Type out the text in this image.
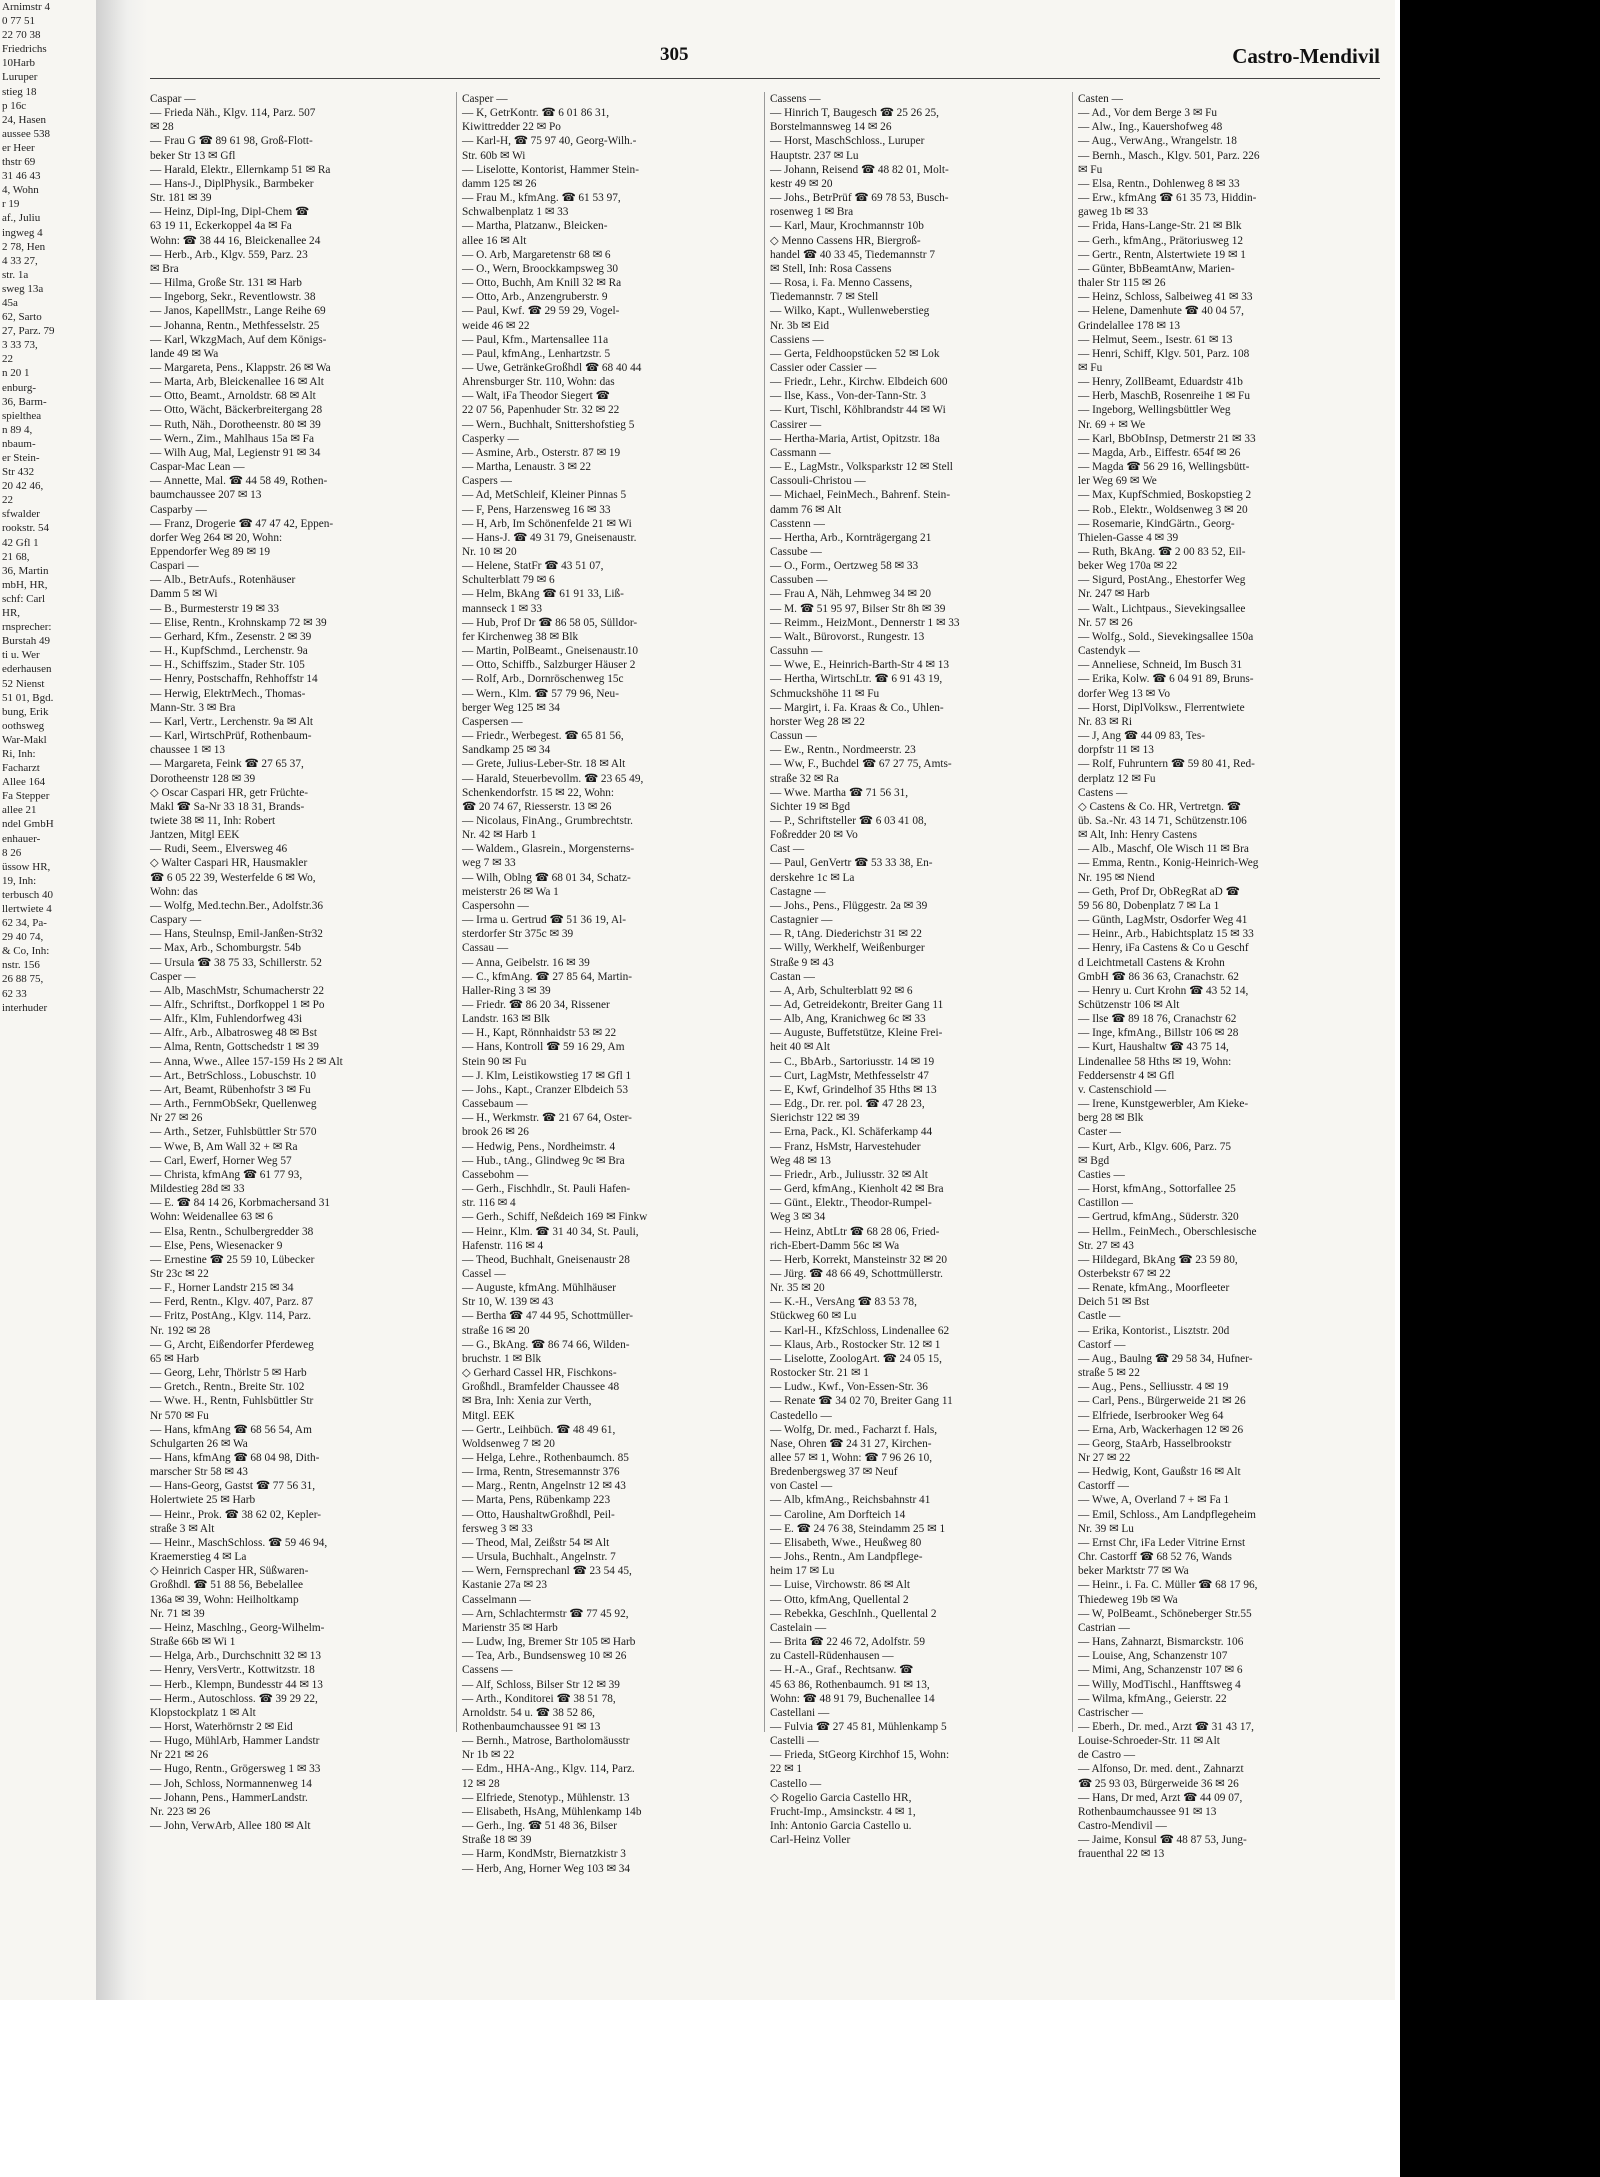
Arnimstr 4
0 77 51
22 70 38
Friedrichs
10Harb
Luruper
stieg 18
p 16c
24, Hasen
aussee 538
er Heer
thstr 69
31 46 43
4, Wohn
r 19
af., Juliu
ingweg 4
2 78, Hen
4 33 27,
str. 1a
sweg 13a
45a
62, Sarto
27, Parz. 79
3 33 73,
22
n 20 1
enburg-
36, Barm-
spielthea
n 89 4,
nbaum-
er Stein-
Str 432
20 42 46,
22
sfwalder
rookstr. 54
42 Gfl 1
21 68,
36, Martin
mbH, HR,
schf: Carl
HR,
rnsprecher:
Burstah 49
ti u. Wer
ederhausen
52 Nienst
51 01, Bgd.
bung, Erik
oothsweg
War-Makl
Ri, Inh:
Facharzt
Allee 164
Fa Stepper
allee 21
ndel GmbH
enhauer-
8 26
üssow HR,
19, Inh:
terbusch 40
llertwiete 4
62 34, Pa-
29 40 74,
& Co, Inh:
nstr. 156
26 88 75,
62 33
interhuder
305	Castro-Mendivil
Caspar —
— Frieda Näh., Klgv. 114, Parz. 507
✉ 28
— Frau G ☎ 89 61 98, Groß-Flott-
beker Str 13 ✉ Gfl
— Harald, Elektr., Ellernkamp 51 ✉ Ra
— Hans-J., DiplPhysik., Barmbeker
Str. 181 ✉ 39
— Heinz, Dipl-Ing, Dipl-Chem ☎
63 19 11, Eckerkoppel 4a ✉ Fa
Wohn: ☎ 38 44 16, Bleickenallee 24
— Herb., Arb., Klgv. 559, Parz. 23
✉ Bra
— Hilma, Große Str. 131 ✉ Harb
— Ingeborg, Sekr., Reventlowstr. 38
— Janos, KapellMstr., Lange Reihe 69
— Johanna, Rentn., Methfesselstr. 25
— Karl, WkzgMach, Auf dem Königs-
lande 49 ✉ Wa
— Margareta, Pens., Klappstr. 26 ✉ Wa
— Marta, Arb, Bleickenallee 16 ✉ Alt
— Otto, Beamt., Arnoldstr. 68 ✉ Alt
— Otto, Wächt, Bäckerbreitergang 28
— Ruth, Näh., Dorotheenstr. 80 ✉ 39
— Wern., Zim., Mahlhaus 15a ✉ Fa
— Wilh Aug, Mal, Legienstr 91 ✉ 34
Caspar-Mac Lean —
— Annette, Mal. ☎ 44 58 49, Rothen-
baumchaussee 207 ✉ 13
Casparby —
— Franz, Drogerie ☎ 47 47 42, Eppen-
dorfer Weg 264 ✉ 20, Wohn:
Eppendorfer Weg 89 ✉ 19
Caspari —
— Alb., BetrAufs., Rotenhäuser
Damm 5 ✉ Wi
— B., Burmesterstr 19 ✉ 33
— Elise, Rentn., Krohnskamp 72 ✉ 39
— Gerhard, Kfm., Zesenstr. 2 ✉ 39
— H., KupfSchmd., Lerchenstr. 9a
— H., Schiffszim., Stader Str. 105
— Henry, Postschaffn, Rehhoffstr 14
— Herwig, ElektrMech., Thomas-
Mann-Str. 3 ✉ Bra
— Karl, Vertr., Lerchenstr. 9a ✉ Alt
— Karl, WirtschPrüf, Rothenbaum-
chaussee 1 ✉ 13
— Margareta, Feink ☎ 27 65 37,
Dorotheenstr 128 ✉ 39
◇ Oscar Caspari HR, getr Früchte-
Makl ☎ Sa-Nr 33 18 31, Brands-
twiete 38 ✉ 11, Inh: Robert
Jantzen, Mitgl EEK
— Rudi, Seem., Elversweg 46
◇ Walter Caspari HR, Hausmakler
☎ 6 05 22 39, Westerfelde 6 ✉ Wo,
Wohn: das
— Wolfg, Med.techn.Ber., Adolfstr.36
Caspary —
— Hans, Steulnsp, Emil-Janßen-Str32
— Max, Arb., Schomburgstr. 54b
— Ursula ☎ 38 75 33, Schillerstr. 52
Casper —
— Alb, MaschMstr, Schumacherstr 22
— Alfr., Schriftst., Dorfkoppel 1 ✉ Po
— Alfr., Klm, Fuhlendorfweg 43i
— Alfr., Arb., Albatrosweg 48 ✉ Bst
— Alma, Rentn, Gottschedstr 1 ✉ 39
— Anna, Wwe., Allee 157-159 Hs 2 ✉ Alt
— Art., BetrSchloss., Lobuschstr. 10
— Art, Beamt, Rübenhofstr 3 ✉ Fu
— Arth., FernmObSekr, Quellenweg
Nr 27 ✉ 26
— Arth., Setzer, Fuhlsbüttler Str 570
— Wwe, B, Am Wall 32 + ✉ Ra
— Carl, Ewerf, Horner Weg 57
— Christa, kfmAng ☎ 61 77 93,
Mildestieg 28d ✉ 33
— E. ☎ 84 14 26, Korbmachersand 31
Wohn: Weidenallee 63 ✉ 6
— Elsa, Rentn., Schulbergredder 38
— Else, Pens, Wiesenacker 9
— Ernestine ☎ 25 59 10, Lübecker
Str 23c ✉ 22
— F., Horner Landstr 215 ✉ 34
— Ferd, Rentn., Klgv. 407, Parz. 87
— Fritz, PostAng., Klgv. 114, Parz.
Nr. 192 ✉ 28
— G, Archt, Eißendorfer Pferdeweg
65 ✉ Harb
— Georg, Lehr, Thörlstr 5 ✉ Harb
— Gretch., Rentn., Breite Str. 102
— Wwe. H., Rentn, Fuhlsbüttler Str
Nr 570 ✉ Fu
— Hans, kfmAng ☎ 68 56 54, Am
Schulgarten 26 ✉ Wa
— Hans, kfmAng ☎ 68 04 98, Dith-
marscher Str 58 ✉ 43
— Hans-Georg, Gastst ☎ 77 56 31,
Holertwiete 25 ✉ Harb
— Heinr., Prok. ☎ 38 62 02, Kepler-
straße 3 ✉ Alt
— Heinr., MaschSchloss. ☎ 59 46 94,
Kraemerstieg 4 ✉ La
◇ Heinrich Casper HR, Süßwaren-
Großhdl. ☎ 51 88 56, Bebelallee
136a ✉ 39, Wohn: Heilholtkamp
Nr. 71 ✉ 39
— Heinz, Maschlng., Georg-Wilhelm-
Straße 66b ✉ Wi 1
— Helga, Arb., Durchschnitt 32 ✉ 13
— Henry, VersVertr., Kottwitzstr. 18
— Herb., Klempn, Bundesstr 44 ✉ 13
— Herm., Autoschloss. ☎ 39 29 22,
Klopstockplatz 1 ✉ Alt
— Horst, Waterhörnstr 2 ✉ Eid
— Hugo, MühlArb, Hammer Landstr
Nr 221 ✉ 26
— Hugo, Rentn., Grögersweg 1 ✉ 33
— Joh, Schloss, Normannenweg 14
— Johann, Pens., HammerLandstr.
Nr. 223 ✉ 26
— John, VerwArb, Allee 180 ✉ Alt
Casper —
— K, GetrKontr. ☎ 6 01 86 31,
Kiwittredder 22 ✉ Po
— Karl-H, ☎ 75 97 40, Georg-Wilh.-
Str. 60b ✉ Wi
— Liselotte, Kontorist, Hammer Stein-
damm 125 ✉ 26
— Frau M., kfmAng. ☎ 61 53 97,
Schwalbenplatz 1 ✉ 33
— Martha, Platzanw., Bleicken-
allee 16 ✉ Alt
— O. Arb, Margaretenstr 68 ✉ 6
— O., Wern, Broockkampsweg 30
— Otto, Buchh, Am Knill 32 ✉ Ra
— Otto, Arb., Anzengruberstr. 9
— Paul, Kwf. ☎ 29 59 29, Vogel-
weide 46 ✉ 22
— Paul, Kfm., Martensallee 11a
— Paul, kfmAng., Lenhartzstr. 5
— Uwe, GetränkeGroßhdl ☎ 68 40 44
Ahrensburger Str. 110, Wohn: das
— Walt, iFa Theodor Siegert ☎
22 07 56, Papenhuder Str. 32 ✉ 22
— Wern., Buchhalt, Snittershofstieg 5
Casperky —
— Asmine, Arb., Osterstr. 87 ✉ 19
— Martha, Lenaustr. 3 ✉ 22
Caspers —
— Ad, MetSchleif, Kleiner Pinnas 5
— F, Pens, Harzensweg 16 ✉ 33
— H, Arb, Im Schönenfelde 21 ✉ Wi
— Hans-J. ☎ 49 31 79, Gneisenaustr.
Nr. 10 ✉ 20
— Helene, StatFr ☎ 43 51 07,
Schulterblatt 79 ✉ 6
— Helm, BkAng ☎ 61 91 33, Liß-
mannseck 1 ✉ 33
— Hub, Prof Dr ☎ 86 58 05, Sülldor-
fer Kirchenweg 38 ✉ Blk
— Martin, PolBeamt., Gneisenaustr.10
— Otto, Schiffb., Salzburger Häuser 2
— Rolf, Arb., Dornröschenweg 15c
— Wern., Klm. ☎ 57 79 96, Neu-
berger Weg 125 ✉ 34
Caspersen —
— Friedr., Werbegest. ☎ 65 81 56,
Sandkamp 25 ✉ 34
— Grete, Julius-Leber-Str. 18 ✉ Alt
— Harald, Steuerbevollm. ☎ 23 65 49,
Schenkendorfstr. 15 ✉ 22, Wohn:
☎ 20 74 67, Riesserstr. 13 ✉ 26
— Nicolaus, FinAng., Grumbrechtstr.
Nr. 42 ✉ Harb 1
— Waldem., Glasrein., Morgensterns-
weg 7 ✉ 33
— Wilh, Oblng ☎ 68 01 34, Schatz-
meisterstr 26 ✉ Wa 1
Caspersohn —
— Irma u. Gertrud ☎ 51 36 19, Al-
sterdorfer Str 375c ✉ 39
Cassau —
— Anna, Geibelstr. 16 ✉ 39
— C., kfmAng. ☎ 27 85 64, Martin-
Haller-Ring 3 ✉ 39
— Friedr. ☎ 86 20 34, Rissener
Landstr. 163 ✉ Blk
— H., Kapt, Rönnhaidstr 53 ✉ 22
— Hans, Kontroll ☎ 59 16 29, Am
Stein 90 ✉ Fu
— J. Klm, Leistikowstieg 17 ✉ Gfl 1
— Johs., Kapt., Cranzer Elbdeich 53
Cassebaum —
— H., Werkmstr. ☎ 21 67 64, Oster-
brook 26 ✉ 26
— Hedwig, Pens., Nordheimstr. 4
— Hub., tAng., Glindweg 9c ✉ Bra
Cassebohm —
— Gerh., Fischhdlr., St. Pauli Hafen-
str. 116 ✉ 4
— Gerh., Schiff, Neßdeich 169 ✉ Finkw
— Heinr., Klm. ☎ 31 40 34, St. Pauli,
Hafenstr. 116 ✉ 4
— Theod, Buchhalt, Gneisenaustr 28
Cassel —
— Auguste, kfmAng. Mühlhäuser
Str 10, W. 139 ✉ 43
— Bertha ☎ 47 44 95, Schottmüller-
straße 16 ✉ 20
— G., BkAng. ☎ 86 74 66, Wilden-
bruchstr. 1 ✉ Blk
◇ Gerhard Cassel HR, Fischkons-
Großhdl., Bramfelder Chaussee 48
✉ Bra, Inh: Xenia zur Verth,
Mitgl. EEK
— Gertr., Leihbüch. ☎ 48 49 61,
Woldsenweg 7 ✉ 20
— Helga, Lehre., Rothenbaumch. 85
— Irma, Rentn, Stresemannstr 376
— Marg., Rentn, Angelnstr 12 ✉ 43
— Marta, Pens, Rübenkamp 223
— Otto, HaushaltwGroßhdl, Peil-
fersweg 3 ✉ 33
— Theod, Mal, Zeißstr 54 ✉ Alt
— Ursula, Buchhalt., Angelnstr. 7
— Wern, Fernsprechanl ☎ 23 54 45,
Kastanie 27a ✉ 23
Casselmann —
— Arn, Schlachtermstr ☎ 77 45 92,
Marienstr 35 ✉ Harb
— Ludw, Ing, Bremer Str 105 ✉ Harb
— Tea, Arb., Bundsensweg 10 ✉ 26
Cassens —
— Alf, Schloss, Bilser Str 12 ✉ 39
— Arth., Konditorei ☎ 38 51 78,
Arnoldstr. 54 u. ☎ 38 52 86,
Rothenbaumchaussee 91 ✉ 13
— Bernh., Matrose, Bartholomäusstr
Nr 1b ✉ 22
— Edm., HHA-Ang., Klgv. 114, Parz.
12 ✉ 28
— Elfriede, Stenotyp., Mühlenstr. 13
— Elisabeth, HsAng, Mühlenkamp 14b
— Gerh., Ing. ☎ 51 48 36, Bilser
Straße 18 ✉ 39
— Harm, KondMstr, Biernatzkistr 3
— Herb, Ang, Horner Weg 103 ✉ 34
Cassens —
— Hinrich T, Baugesch ☎ 25 26 25,
Borstelmannsweg 14 ✉ 26
— Horst, MaschSchloss., Luruper
Hauptstr. 237 ✉ Lu
— Johann, Reisend ☎ 48 82 01, Molt-
kestr 49 ✉ 20
— Johs., BetrPrüf ☎ 69 78 53, Busch-
rosenweg 1 ✉ Bra
— Karl, Maur, Krochmannstr 10b
◇ Menno Cassens HR, Biergroß-
handel ☎ 40 33 45, Tiedemannstr 7
✉ Stell, Inh: Rosa Cassens
— Rosa, i. Fa. Menno Cassens,
Tiedemannstr. 7 ✉ Stell
— Wilko, Kapt., Wullenweberstieg
Nr. 3b ✉ Eid
Cassiens —
— Gerta, Feldhoopstücken 52 ✉ Lok
Cassier oder Cassier —
— Friedr., Lehr., Kirchw. Elbdeich 600
— Ilse, Kass., Von-der-Tann-Str. 3
— Kurt, Tischl, Köhlbrandstr 44 ✉ Wi
Cassirer —
— Hertha-Maria, Artist, Opitzstr. 18a
Cassmann —
— E., LagMstr., Volksparkstr 12 ✉ Stell
Cassouli-Christou —
— Michael, FeinMech., Bahrenf. Stein-
damm 76 ✉ Alt
Casstenn —
— Hertha, Arb., Kornträgergang 21
Cassube —
— O., Form., Oertzweg 58 ✉ 33
Cassuben —
— Frau A, Näh, Lehmweg 34 ✉ 20
— M. ☎ 51 95 97, Bilser Str 8h ✉ 39
— Reimm., HeizMont., Dennerstr 1 ✉ 33
— Walt., Bürovorst., Rungestr. 13
Cassuhn —
— Wwe, E., Heinrich-Barth-Str 4 ✉ 13
— Hertha, WirtschLtr. ☎ 6 91 43 19,
Schmuckshöhe 11 ✉ Fu
— Margirt, i. Fa. Kraas & Co., Uhlen-
horster Weg 28 ✉ 22
Cassun —
— Ew., Rentn., Nordmeerstr. 23
— Ww, F., Buchdel ☎ 67 27 75, Amts-
straße 32 ✉ Ra
— Wwe. Martha ☎ 71 56 31,
Sichter 19 ✉ Bgd
— P., Schriftsteller ☎ 6 03 41 08,
Foßredder 20 ✉ Vo
Cast —
— Paul, GenVertr ☎ 53 33 38, En-
derskehre 1c ✉ La
Castagne —
— Johs., Pens., Flüggestr. 2a ✉ 39
Castagnier —
— R, tAng. Diederichstr 31 ✉ 22
— Willy, Werkhelf, Weißenburger
Straße 9 ✉ 43
Castan —
— A, Arb, Schulterblatt 92 ✉ 6
— Ad, Getreidekontr, Breiter Gang 11
— Alb, Ang, Kranichweg 6c ✉ 33
— Auguste, Buffetstütze, Kleine Frei-
heit 40 ✉ Alt
— C., BbArb., Sartoriusstr. 14 ✉ 19
— Curt, LagMstr, Methfesselstr 47
— E, Kwf, Grindelhof 35 Hths ✉ 13
— Edg., Dr. rer. pol. ☎ 47 28 23,
Sierichstr 122 ✉ 39
— Erna, Pack., Kl. Schäferkamp 44
— Franz, HsMstr, Harvestehuder
Weg 48 ✉ 13
— Friedr., Arb., Juliusstr. 32 ✉ Alt
— Gerd, kfmAng., Kienholt 42 ✉ Bra
— Günt., Elektr., Theodor-Rumpel-
Weg 3 ✉ 34
— Heinz, AbtLtr ☎ 68 28 06, Fried-
rich-Ebert-Damm 56c ✉ Wa
— Herb, Korrekt, Mansteinstr 32 ✉ 20
— Jürg. ☎ 48 66 49, Schottmüllerstr.
Nr. 35 ✉ 20
— K.-H., VersAng ☎ 83 53 78,
Stückweg 60 ✉ Lu
— Karl-H., KfzSchloss, Lindenallee 62
— Klaus, Arb., Rostocker Str. 12 ✉ 1
— Liselotte, ZoologArt. ☎ 24 05 15,
Rostocker Str. 21 ✉ 1
— Ludw., Kwf., Von-Essen-Str. 36
— Renate ☎ 34 02 70, Breiter Gang 11
Castedello —
— Wolfg, Dr. med., Facharzt f. Hals,
Nase, Ohren ☎ 24 31 27, Kirchen-
allee 57 ✉ 1, Wohn: ☎ 7 96 26 10,
Bredenbergsweg 37 ✉ Neuf
von Castel —
— Alb, kfmAng., Reichsbahnstr 41
— Caroline, Am Dorfteich 14
— E. ☎ 24 76 38, Steindamm 25 ✉ 1
— Elisabeth, Wwe., Heußweg 80
— Johs., Rentn., Am Landpflege-
heim 17 ✉ Lu
— Luise, Virchowstr. 86 ✉ Alt
— Otto, kfmAng, Quellental 2
— Rebekka, GeschInh., Quellental 2
Castelain —
— Brita ☎ 22 46 72, Adolfstr. 59
zu Castell-Rüdenhausen —
— H.-A., Graf., Rechtsanw. ☎
45 63 86, Rothenbaumch. 91 ✉ 13,
Wohn: ☎ 48 91 79, Buchenallee 14
Castellani —
— Fulvia ☎ 27 45 81, Mühlenkamp 5
Castelli —
— Frieda, StGeorg Kirchhof 15, Wohn:
22 ✉ 1
Castello —
◇ Rogelio Garcia Castello HR,
Frucht-Imp., Amsinckstr. 4 ✉ 1,
Inh: Antonio Garcia Castello u.
Carl-Heinz Voller
Casten —
— Ad., Vor dem Berge 3 ✉ Fu
— Alw., Ing., Kauershofweg 48
— Aug., VerwAng., Wrangelstr. 18
— Bernh., Masch., Klgv. 501, Parz. 226
✉ Fu
— Elsa, Rentn., Dohlenweg 8 ✉ 33
— Erw., kfmAng ☎ 61 35 73, Hiddin-
gaweg 1b ✉ 33
— Frida, Hans-Lange-Str. 21 ✉ Blk
— Gerh., kfmAng., Prätoriusweg 12
— Gertr., Rentn, Alstertwiete 19 ✉ 1
— Günter, BbBeamtAnw, Marien-
thaler Str 115 ✉ 26
— Heinz, Schloss, Salbeiweg 41 ✉ 33
— Helene, Damenhute ☎ 40 04 57,
Grindelallee 178 ✉ 13
— Helmut, Seem., Isestr. 61 ✉ 13
— Henri, Schiff, Klgv. 501, Parz. 108
✉ Fu
— Henry, ZollBeamt, Eduardstr 41b
— Herb, MaschB, Rosenreihe 1 ✉ Fu
— Ingeborg, Wellingsbüttler Weg
Nr. 69 + ✉ We
— Karl, BbObInsp, Detmerstr 21 ✉ 33
— Magda, Arb., Eiffestr. 654f ✉ 26
— Magda ☎ 56 29 16, Wellingsbütt-
ler Weg 69 ✉ We
— Max, KupfSchmied, Boskopstieg 2
— Rob., Elektr., Woldsenweg 3 ✉ 20
— Rosemarie, KindGärtn., Georg-
Thielen-Gasse 4 ✉ 39
— Ruth, BkAng. ☎ 2 00 83 52, Eil-
beker Weg 170a ✉ 22
— Sigurd, PostAng., Ehestorfer Weg
Nr. 247 ✉ Harb
— Walt., Lichtpaus., Sievekingsallee
Nr. 57 ✉ 26
— Wolfg., Sold., Sievekingsallee 150a
Castendyk —
— Anneliese, Schneid, Im Busch 31
— Erika, Kolw. ☎ 6 04 91 89, Bruns-
dorfer Weg 13 ✉ Vo
— Horst, DiplVolksw., Flerrentwiete
Nr. 83 ✉ Ri
— J, Ang ☎ 44 09 83, Tes-
dorpfstr 11 ✉ 13
— Rolf, Fuhruntern ☎ 59 80 41, Red-
derplatz 12 ✉ Fu
Castens —
◇ Castens & Co. HR, Vertretgn. ☎
üb. Sa.-Nr. 43 14 71, Schützenstr.106
✉ Alt, Inh: Henry Castens
— Alb., Maschf, Ole Wisch 11 ✉ Bra
— Emma, Rentn., Konig-Heinrich-Weg
Nr. 195 ✉ Niend
— Geth, Prof Dr, ObRegRat aD ☎
59 56 80, Dobenplatz 7 ✉ La 1
— Günth, LagMstr, Osdorfer Weg 41
— Heinr., Arb., Habichtsplatz 15 ✉ 33
— Henry, iFa Castens & Co u Geschf
d Leichtmetall Castens & Krohn
GmbH ☎ 86 36 63, Cranachstr. 62
— Henry u. Curt Krohn ☎ 43 52 14,
Schützenstr 106 ✉ Alt
— Ilse ☎ 89 18 76, Cranachstr 62
— Inge, kfmAng., Billstr 106 ✉ 28
— Kurt, Haushaltw ☎ 43 75 14,
Lindenallee 58 Hths ✉ 19, Wohn:
Feddersenstr 4 ✉ Gfl
v. Castenschiold —
— Irene, Kunstgewerbler, Am Kieke-
berg 28 ✉ Blk
Caster —
— Kurt, Arb., Klgv. 606, Parz. 75
✉ Bgd
Casties —
— Horst, kfmAng., Sottorfallee 25
Castillon —
— Gertrud, kfmAng., Süderstr. 320
— Hellm., FeinMech., Oberschlesische
Str. 27 ✉ 43
— Hildegard, BkAng ☎ 23 59 80,
Osterbekstr 67 ✉ 22
— Renate, kfmAng., Moorfleeter
Deich 51 ✉ Bst
Castle —
— Erika, Kontorist., Lisztstr. 20d
Castorf —
— Aug., Baulng ☎ 29 58 34, Hufner-
straße 5 ✉ 22
— Aug., Pens., Selliusstr. 4 ✉ 19
— Carl, Pens., Bürgerweide 21 ✉ 26
— Elfriede, Iserbrooker Weg 64
— Erna, Arb, Wackerhagen 12 ✉ 26
— Georg, StaArb, Hasselbrookstr
Nr 27 ✉ 22
— Hedwig, Kont, Gaußstr 16 ✉ Alt
Castorff —
— Wwe, A, Overland 7 + ✉ Fa 1
— Emil, Schloss., Am Landpflegeheim
Nr. 39 ✉ Lu
— Ernst Chr, iFa Leder Vitrine Ernst
Chr. Castorff ☎ 68 52 76, Wands
beker Marktstr 77 ✉ Wa
— Heinr., i. Fa. C. Müller ☎ 68 17 96,
Thiedeweg 19b ✉ Wa
— W, PolBeamt., Schöneberger Str.55
Castrian —
— Hans, Zahnarzt, Bismarckstr. 106
— Louise, Ang, Schanzenstr 107
— Mimi, Ang, Schanzenstr 107 ✉ 6
— Willy, ModTischl., Hanfftsweg 4
— Wilma, kfmAng., Geierstr. 22
Castrischer —
— Eberh., Dr. med., Arzt ☎ 31 43 17,
Louise-Schroeder-Str. 11 ✉ Alt
de Castro —
— Alfonso, Dr. med. dent., Zahnarzt
☎ 25 93 03, Bürgerweide 36 ✉ 26
— Hans, Dr med, Arzt ☎ 44 09 07,
Rothenbaumchaussee 91 ✉ 13
Castro-Mendivil —
— Jaime, Konsul ☎ 48 87 53, Jung-
frauenthal 22 ✉ 13
